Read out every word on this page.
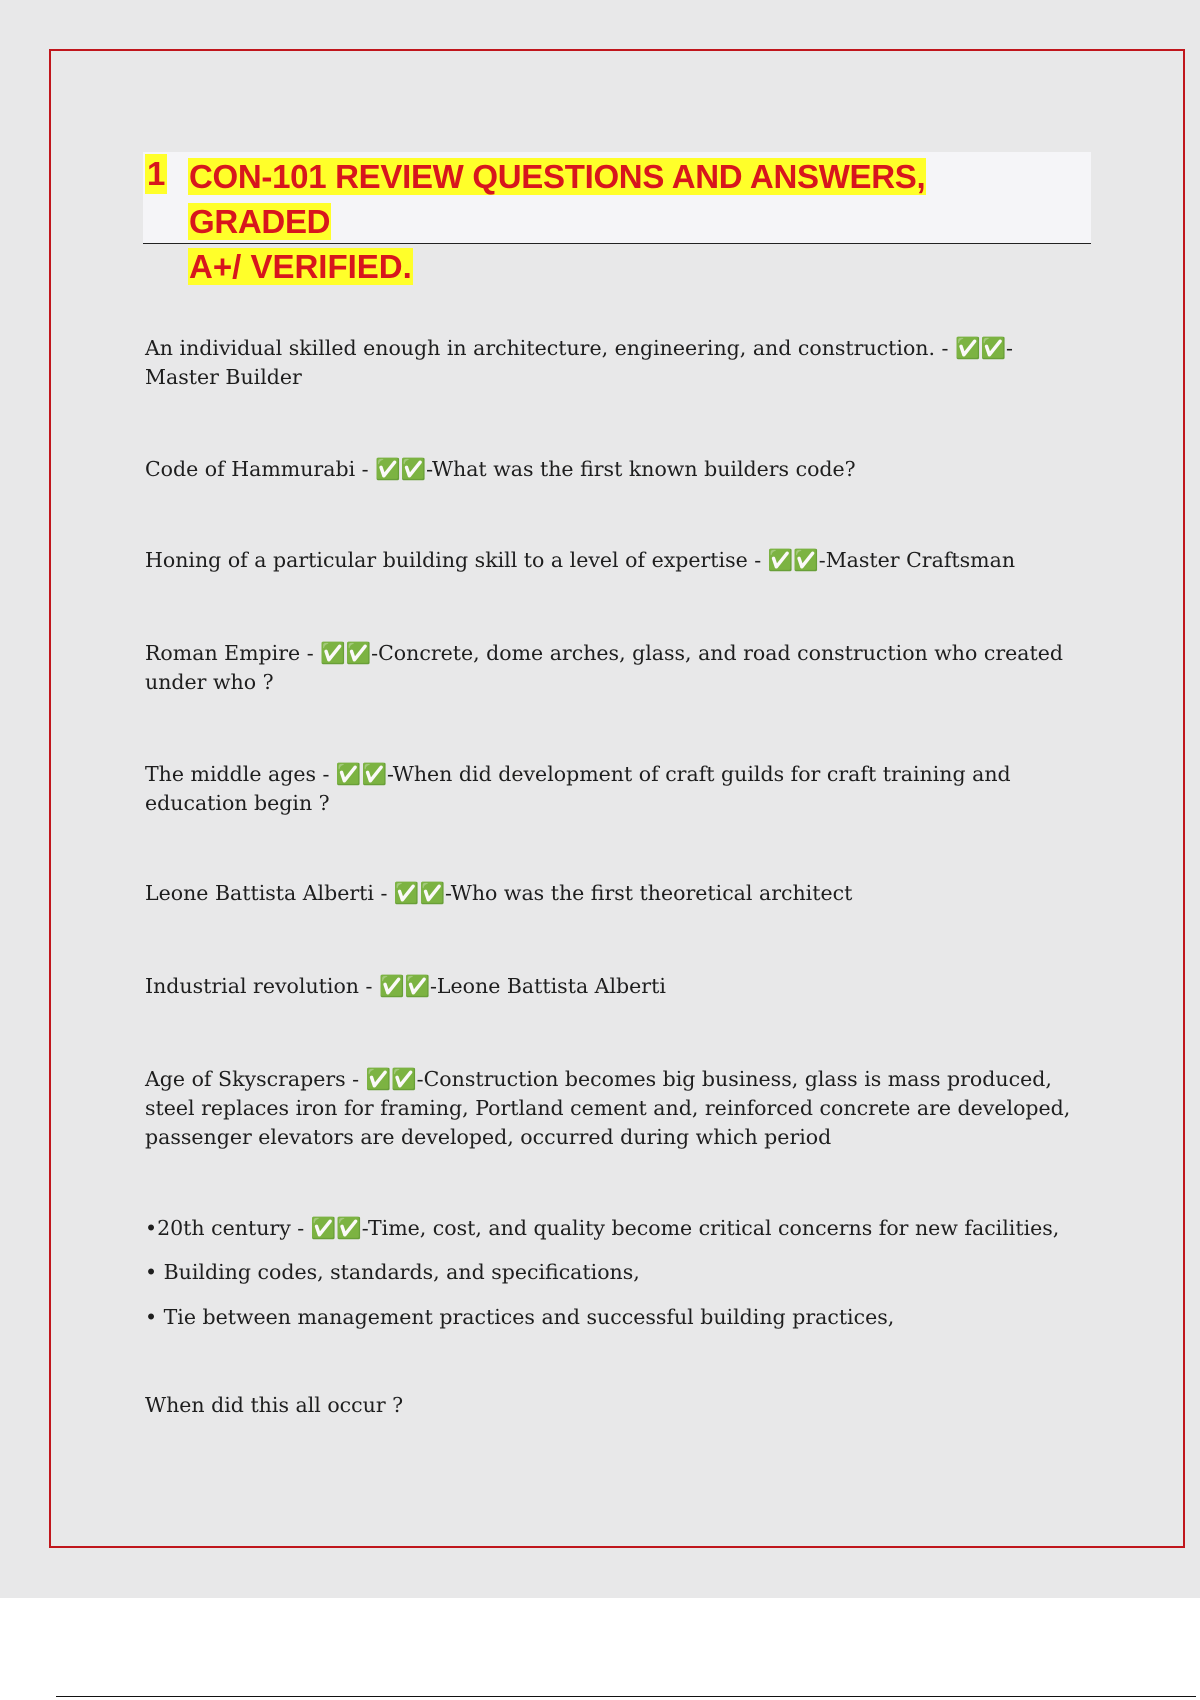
1 CON-101 REVIEW QUESTIONS AND ANSWERS, GRADED
A+/ VERIFIED.

An individual skilled enough in architecture, engineering, and construction. - ✅✅-Master Builder

Code of Hammurabi - ✅✅-What was the first known builders code?

Honing of a particular building skill to a level of expertise - ✅✅-Master Craftsman

Roman Empire - ✅✅-Concrete, dome arches, glass, and road construction who created under who ?

The middle ages - ✅✅-When did development of craft guilds for craft training and education begin ?

Leone Battista Alberti - ✅✅-Who was the first theoretical architect

Industrial revolution - ✅✅-Leone Battista Alberti

Age of Skyscrapers - ✅✅-Construction becomes big business, glass is mass produced, steel replaces iron for framing, Portland cement and, reinforced concrete are developed, passenger elevators are developed, occurred during which period

•20th century - ✅✅-Time, cost, and quality become critical concerns for new facilities,

• Building codes, standards, and specifications,

• Tie between management practices and successful building practices,

When did this all occur ?
